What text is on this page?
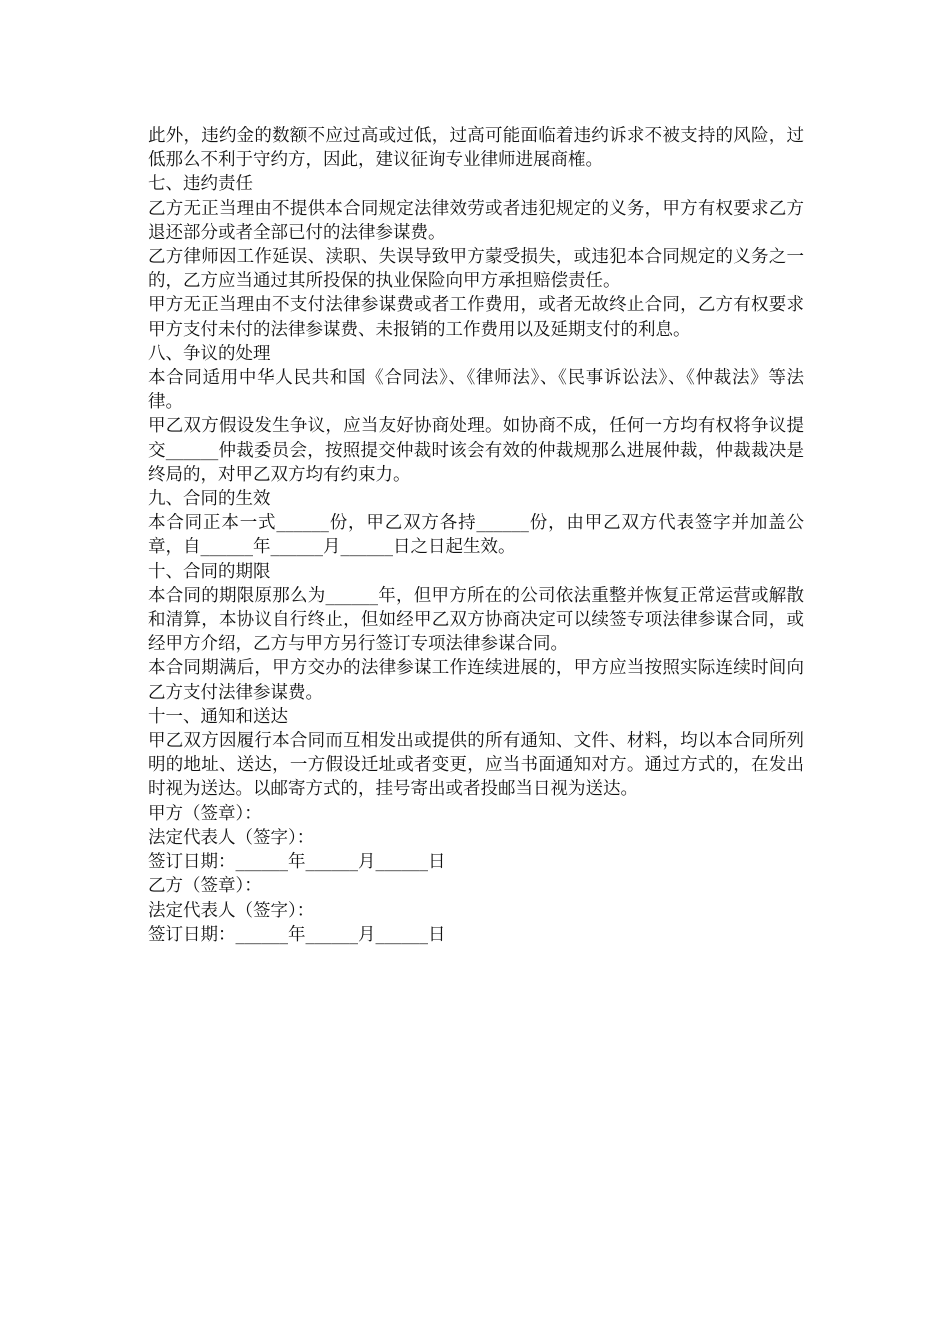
此外，违约金的数额不应过高或过低，过高可能面临着违约诉求不被支持的风险，过低那么不利于守约方，因此，建议征询专业律师进展商榷。

七、违约责任

乙方无正当理由不提供本合同规定法律效劳或者违犯规定的义务，甲方有权要求乙方退还部分或者全部已付的法律参谋费。

乙方律师因工作延误、渎职、失误导致甲方蒙受损失，或违犯本合同规定的义务之一的，乙方应当通过其所投保的执业保险向甲方承担赔偿责任。

甲方无正当理由不支付法律参谋费或者工作费用，或者无故终止合同，乙方有权要求甲方支付未付的法律参谋费、未报销的工作费用以及延期支付的利息。

八、争议的处理

本合同适用中华人民共和国《合同法》、《律师法》、《民事诉讼法》、《仲裁法》等法律。

甲乙双方假设发生争议，应当友好协商处理。如协商不成，任何一方均有权将争议提交______仲裁委员会，按照提交仲裁时该会有效的仲裁规那么进展仲裁，仲裁裁决是终局的，对甲乙双方均有约束力。

九、合同的生效

本合同正本一式______份，甲乙双方各持______份，由甲乙双方代表签字并加盖公章，自______年______月______日之日起生效。

十、合同的期限

本合同的期限原那么为______年，但甲方所在的公司依法重整并恢复正常运营或解散和清算，本协议自行终止，但如经甲乙双方协商决定可以续签专项法律参谋合同，或经甲方介绍，乙方与甲方另行签订专项法律参谋合同。

本合同期满后，甲方交办的法律参谋工作连续进展的，甲方应当按照实际连续时间向乙方支付法律参谋费。

十一、通知和送达

甲乙双方因履行本合同而互相发出或提供的所有通知、文件、材料，均以本合同所列明的地址、送达，一方假设迁址或者变更，应当书面通知对方。通过方式的，在发出时视为送达。以邮寄方式的，挂号寄出或者投邮当日视为送达。

甲方（签章）：

法定代表人（签字）：

签订日期：______年______月______日

乙方（签章）：

法定代表人（签字）：

签订日期：______年______月______日
